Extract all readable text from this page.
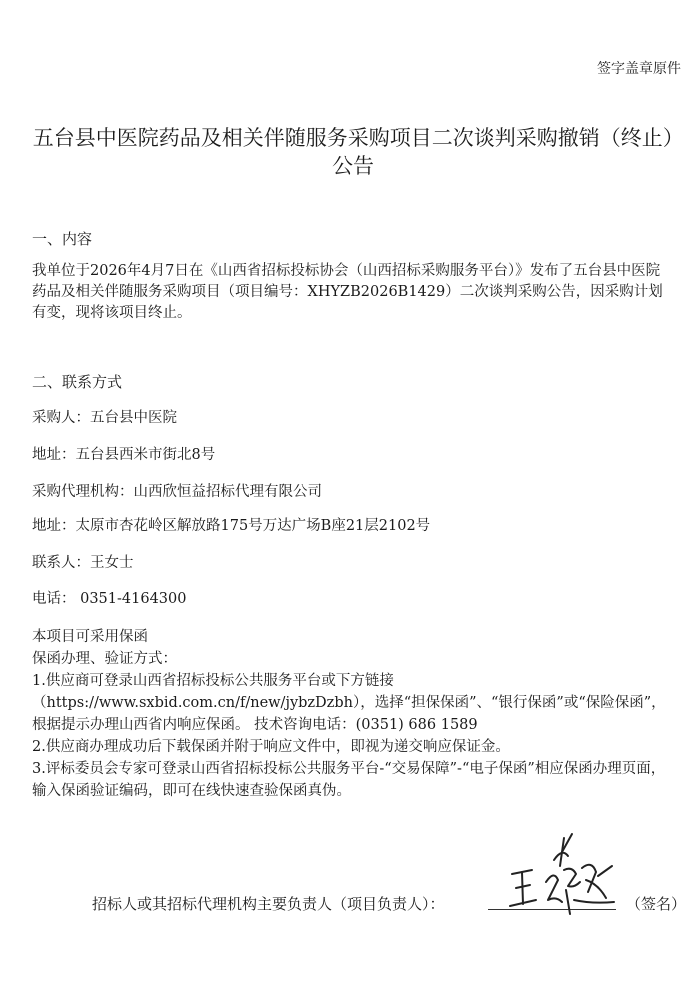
签字盖章原件
五台县中医院药品及相关伴随服务采购项目二次谈判采购撤销（终止）公告
一、内容
我单位于2026年4月7日在《山西省招标投标协会（山西招标采购服务平台）》发布了五台县中医院药品及相关伴随服务采购项目（项目编号：XHYZB2026B1429）二次谈判采购公告，因采购计划有变，现将该项目终止。
二、联系方式
采购人：五台县中医院
地址：五台县西米市街北8号
采购代理机构：山西欣恒益招标代理有限公司
地址：太原市杏花岭区解放路175号万达广场B座21层2102号
联系人：王女士
电话： 0351-4164300
本项目可采用保函
保函办理、验证方式：
1.供应商可登录山西省招标投标公共服务平台或下方链接（https://www.sxbid.com.cn/f/new/jybzDzbh），选择“担保保函”、“银行保函”或“保险保函”，根据提示办理山西省内响应保函。 技术咨询电话：(0351) 686 1589
2.供应商办理成功后下载保函并附于响应文件中，即视为递交响应保证金。
3.评标委员会专家可登录山西省招标投标公共服务平台-“交易保障”-“电子保函”相应保函办理页面，输入保函验证编码，即可在线快速查验保函真伪。
招标人或其招标代理机构主要负责人（项目负责人）：	（签名）
